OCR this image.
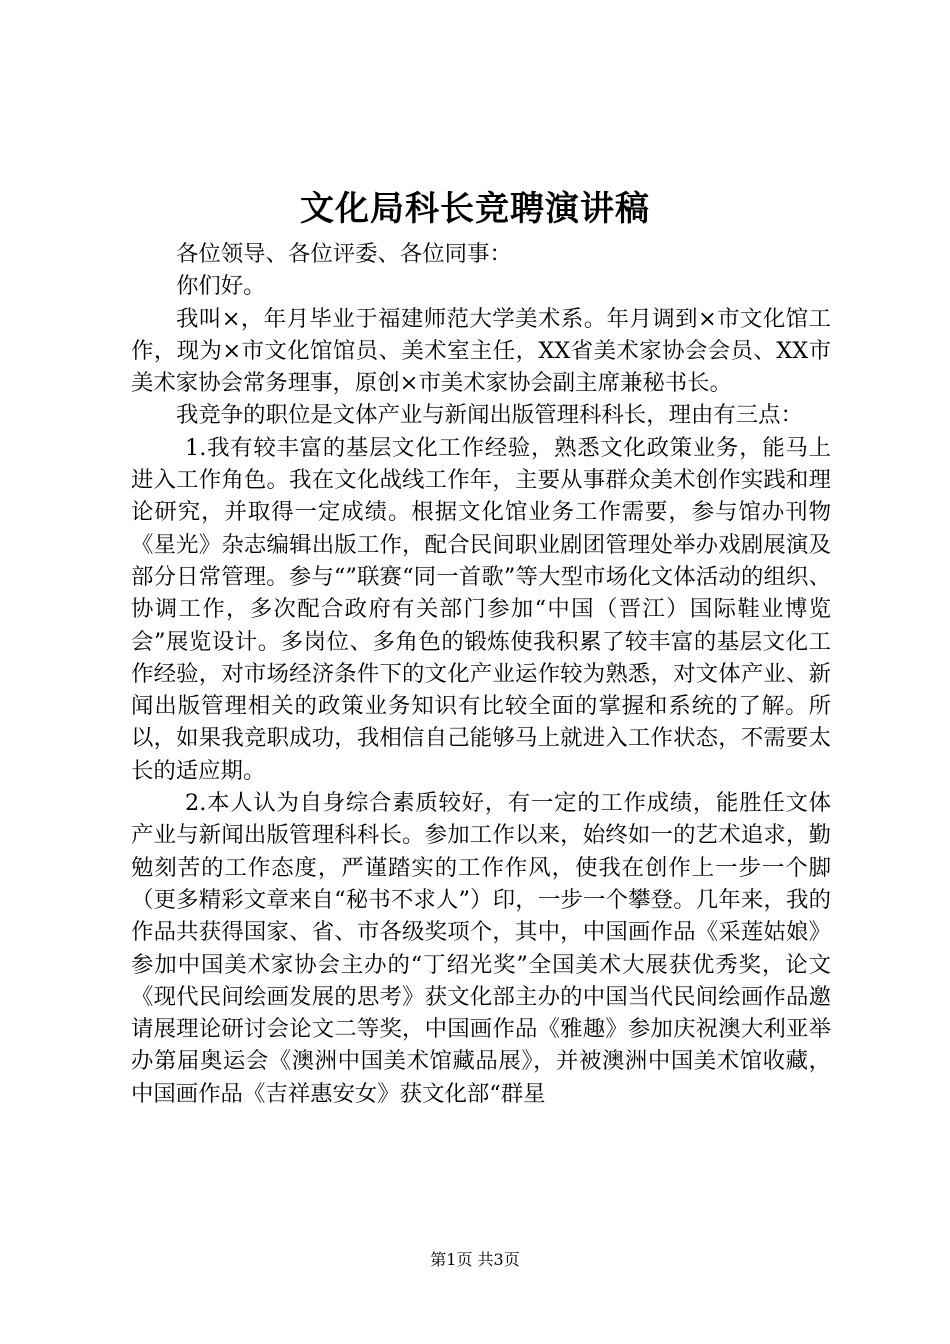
文化局科长竞聘演讲稿

各位领导、各位评委、各位同事：

你们好。

我叫×，年月毕业于福建师范大学美术系。年月调到×市文化馆工作，现为×市文化馆馆员、美术室主任，XX省美术家协会会员、XX市美术家协会常务理事，原创×市美术家协会副主席兼秘书长。

我竞争的职位是文体产业与新闻出版管理科科长，理由有三点：

1.我有较丰富的基层文化工作经验，熟悉文化政策业务，能马上进入工作角色。我在文化战线工作年，主要从事群众美术创作实践和理论研究，并取得一定成绩。根据文化馆业务工作需要，参与馆办刊物《星光》杂志编辑出版工作，配合民间职业剧团管理处举办戏剧展演及部分日常管理。参与“”联赛“同一首歌”等大型市场化文体活动的组织、协调工作，多次配合政府有关部门参加“中国（晋江）国际鞋业博览会”展览设计。多岗位、多角色的锻炼使我积累了较丰富的基层文化工作经验，对市场经济条件下的文化产业运作较为熟悉，对文体产业、新闻出版管理相关的政策业务知识有比较全面的掌握和系统的了解。所以，如果我竞职成功，我相信自己能够马上就进入工作状态，不需要太长的适应期。

2.本人认为自身综合素质较好，有一定的工作成绩，能胜任文体产业与新闻出版管理科科长。参加工作以来，始终如一的艺术追求，勤勉刻苦的工作态度，严谨踏实的工作作风，使我在创作上一步一个脚（更多精彩文章来自“秘书不求人”）印，一步一个攀登。几年来，我的作品共获得国家、省、市各级奖项个，其中，中国画作品《采莲姑娘》参加中国美术家协会主办的“丁绍光奖”全国美术大展获优秀奖，论文《现代民间绘画发展的思考》获文化部主办的中国当代民间绘画作品邀请展理论研讨会论文二等奖，中国画作品《雅趣》参加庆祝澳大利亚举办第届奥运会《澳洲中国美术馆藏品展》，并被澳洲中国美术馆收藏，中国画作品《吉祥惠安女》获文化部“群星

第1页 共3页
